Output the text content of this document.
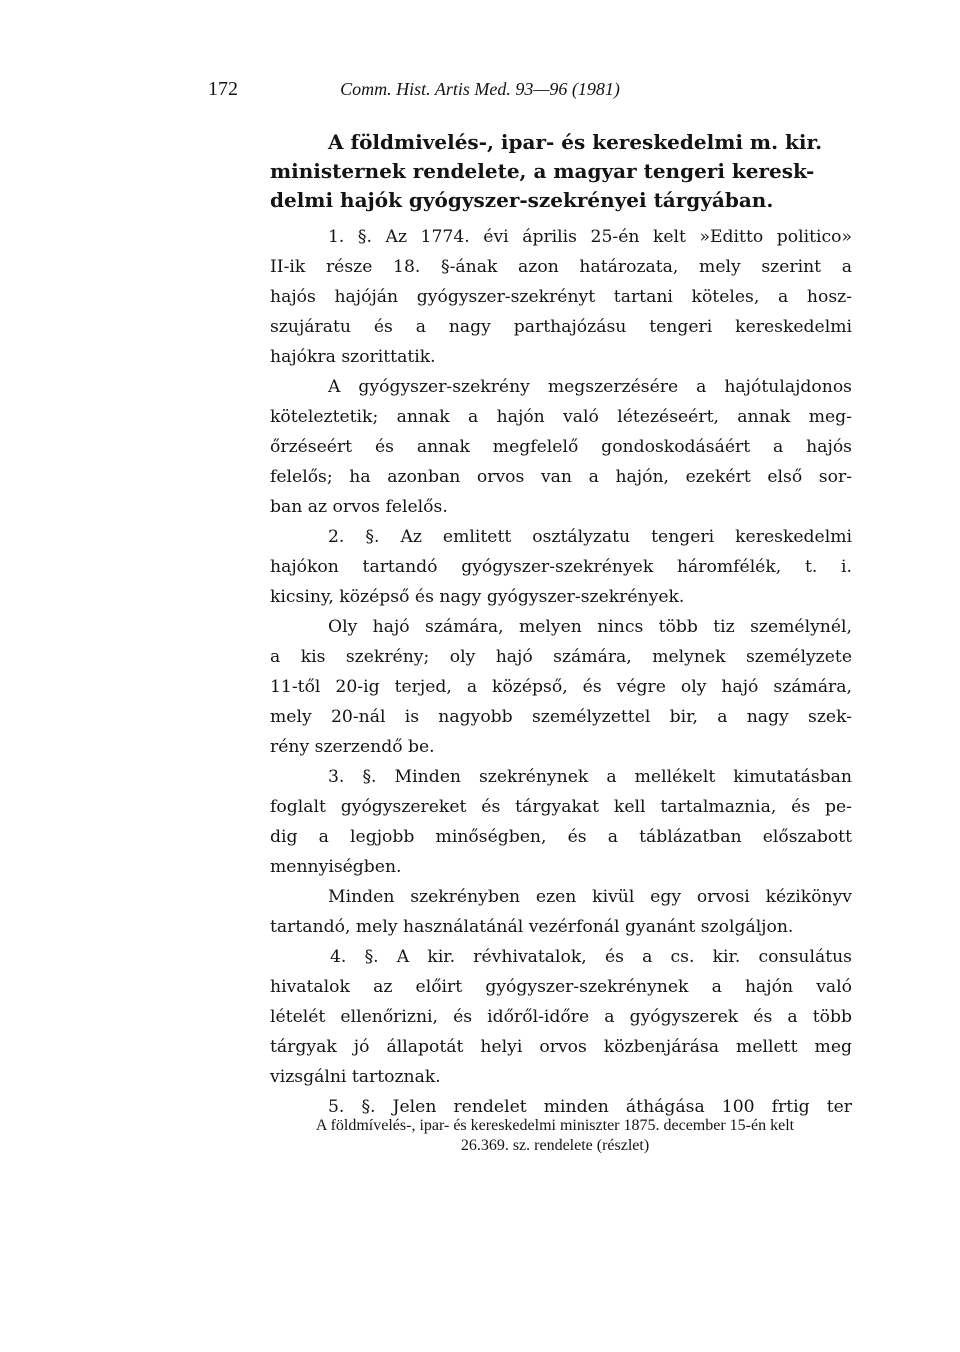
172	Comm. Hist. Artis Med. 93—96 (1981)
A földmivelés-, ipar- és kereskedelmi m. kir.
ministernek rendelete, a magyar tengeri keresk-
delmi hajók gyógyszer-szekrényei tárgyában.
1. §. Az 1774. évi április 25-én kelt »Editto politico»
II-ik része 18. §-ának azon határozata, mely szerint a
hajós hajóján gyógyszer-szekrényt tartani köteles, a hosz-
szujáratu és a nagy parthajózásu tengeri kereskedelmi
hajókra szorittatik.
A gyógyszer-szekrény megszerzésére a hajótulajdonos
köteleztetik; annak a hajón való létezéseért, annak meg-
őrzéseért és annak megfelelő gondoskodásáért a hajós
felelős; ha azonban orvos van a hajón, ezekért első sor-
ban az orvos felelős.
2. §. Az emlitett osztályzatu tengeri kereskedelmi
hajókon tartandó gyógyszer-szekrények háromfélék, t. i.
kicsiny, középső és nagy gyógyszer-szekrények.
Oly hajó számára, melyen nincs több tiz személynél,
a kis szekrény; oly hajó számára, melynek személyzete
11-től 20-ig terjed, a középső, és végre oly hajó számára,
mely 20-nál is nagyobb személyzettel bir, a nagy szek-
rény szerzendő be.
3. §. Minden szekrénynek a mellékelt kimutatásban
foglalt gyógyszereket és tárgyakat kell tartalmaznia, és pe-
dig a legjobb minőségben, és a táblázatban előszabott
mennyiségben.
Minden szekrényben ezen kivül egy orvosi kézikönyv
tartandó, mely használatánál vezérfonál gyanánt szolgáljon.
4. §. A kir. révhivatalok, és a cs. kir. consulátus
hivatalok az előirt gyógyszer-szekrénynek a hajón való
lételét ellenőrizni, és időről-időre a gyógyszerek és a több
tárgyak jó állapotát helyi orvos közbenjárása mellett meg
vizsgálni tartoznak.
5. §. Jelen rendelet minden áthágása 100 frtig ter
A földmívelés-, ipar- és kereskedelmi miniszter 1875. december 15-én kelt
26.369. sz. rendelete (részlet)
